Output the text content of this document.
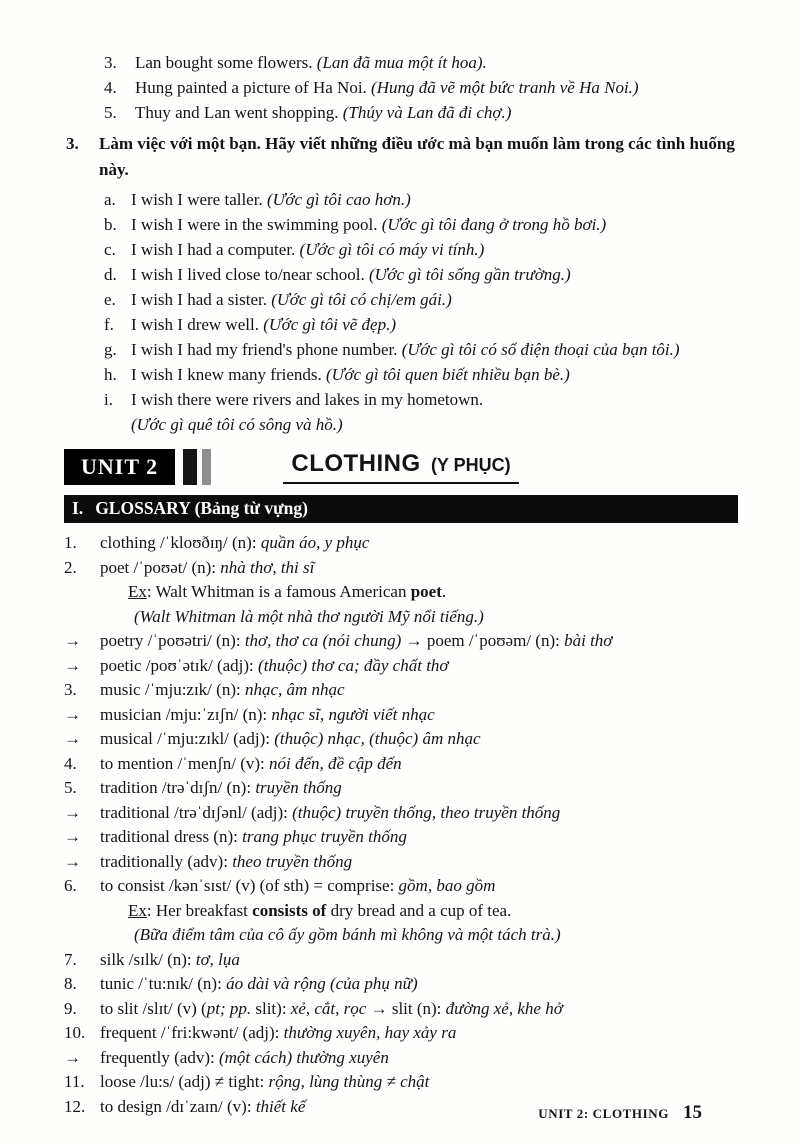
3.	Lan bought some flowers. (Lan đã mua một ít hoa).
4.	Hung painted a picture of Ha Noi. (Hung đã vẽ một bức tranh về Ha Noi.)
5.	Thuy and Lan went shopping. (Thúy và Lan đã đi chợ.)
3.	Làm việc với một bạn. Hãy viết những điều ước mà bạn muốn làm trong các tình huống này.
a. I wish I were taller. (Ước gì tôi cao hơn.)
b. I wish I were in the swimming pool. (Ước gì tôi đang ở trong hồ bơi.)
c. I wish I had a computer. (Ước gì tôi có máy vi tính.)
d. I wish I lived close to/near school. (Ước gì tôi sống gần trường.)
e. I wish I had a sister. (Ước gì tôi có chị/em gái.)
f.	I wish I drew well. (Ước gì tôi vẽ đẹp.)
g. I wish I had my friend's phone number. (Ước gì tôi có số điện thoại của bạn tôi.)
h. I wish I knew many friends. (Ước gì tôi quen biết nhiều bạn bè.)
i.	I wish there were rivers and lakes in my hometown.
(Ước gì quê tôi có sông và hồ.)
UNIT 2	CLOTHING (Y PHỤC)
I. GLOSSARY (Bảng từ vựng)
1.	clothing /ˈkloʊðɪŋ/ (n): quần áo, y phục
2.	poet /ˈpoʊət/ (n): nhà thơ, thi sĩ
Ex: Walt Whitman is a famous American poet.
(Walt Whitman là một nhà thơ người Mỹ nổi tiếng.)
→	poetry /ˈpoʊətri/ (n): thơ, thơ ca (nói chung) → poem /ˈpoʊəm/ (n): bài thơ
→	poetic /poʊˈətɪk/ (adj): (thuộc) thơ ca; đầy chất thơ
3.	music /ˈmju:zɪk/ (n): nhạc, âm nhạc
→	musician /mju:ˈzɪʃn/ (n): nhạc sĩ, người viết nhạc
→	musical /ˈmju:zɪkl/ (adj): (thuộc) nhạc, (thuộc) âm nhạc
4.	to mention /ˈmenʃn/ (v): nói đến, đề cập đến
5.	tradition /trəˈdɪʃn/ (n): truyền thống
→	traditional /trəˈdɪʃənl/ (adj): (thuộc) truyền thống, theo truyền thống
→	traditional dress (n): trang phục truyền thống
→	traditionally (adv): theo truyền thống
6.	to consist /kənˈsɪst/ (v) (of sth) = comprise: gồm, bao gồm
Ex: Her breakfast consists of dry bread and a cup of tea.
(Bữa điểm tâm của cô ấy gồm bánh mì không và một tách trà.)
7.	silk /sɪlk/ (n): tơ, lụa
8.	tunic /ˈtu:nɪk/ (n): áo dài và rộng (của phụ nữ)
9.	to slit /slɪt/ (v) (pt; pp. slit): xẻ, cắt, rọc → slit (n): đường xẻ, khe hở
10. frequent /ˈfri:kwənt/ (adj): thường xuyên, hay xảy ra
→	frequently (adv): (một cách) thường xuyên
11. loose /lu:s/ (adj) ≠ tight: rộng, lùng thùng ≠ chật
12. to design /dɪˈzaɪn/ (v): thiết kế	UNIT 2: CLOTHING 15
